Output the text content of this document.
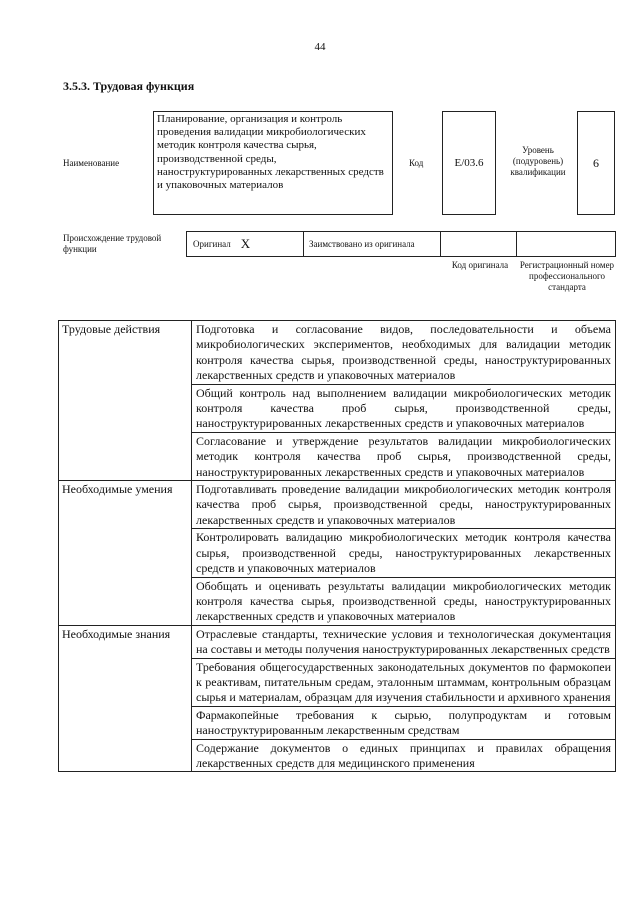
44
3.5.3. Трудовая функция
Наименование
Планирование, организация и контроль проведения валидации микробиологических методик контроля качества сырья, производственной среды, наноструктурированных лекарственных средств и упаковочных материалов
Код	E/03.6
Уровень (подуровень) квалификации
6
Происхождение трудовой функции	Оригинал X	Заимствовано из оригинала
Код оригинала	Регистрационный номер профессионального стандарта
Трудовые действия	Подготовка и согласование видов, последовательности и объема микробиологических экспериментов, необходимых для валидации методик контроля качества сырья, производственной среды, наноструктурированных лекарственных средств и упаковочных материалов
Общий контроль над выполнением валидации микробиологических методик контроля качества проб сырья, производственной среды, наноструктурированных лекарственных средств и упаковочных материалов
Согласование и утверждение результатов валидации микробиологических методик контроля качества проб сырья, производственной среды, наноструктурированных лекарственных средств и упаковочных материалов
Необходимые умения	Подготавливать проведение валидации микробиологических методик контроля качества проб сырья, производственной среды, наноструктурированных лекарственных средств и упаковочных материалов
Контролировать валидацию микробиологических методик контроля качества сырья, производственной среды, наноструктурированных лекарственных средств и упаковочных материалов
Обобщать и оценивать результаты валидации микробиологических методик контроля качества сырья, производственной среды, наноструктурированных лекарственных средств и упаковочных материалов
Необходимые знания	Отраслевые стандарты, технические условия и технологическая документация на составы и методы получения наноструктурированных лекарственных средств
Требования общегосударственных законодательных документов по фармокопеи к реактивам, питательным средам, эталонным штаммам, контрольным образцам сырья и материалам, образцам для изучения стабильности и архивного хранения
Фармакопейные требования к сырью, полупродуктам и готовым наноструктурированным лекарственным средствам
Содержание документов о единых принципах и правилах обращения лекарственных средств для медицинского применения
